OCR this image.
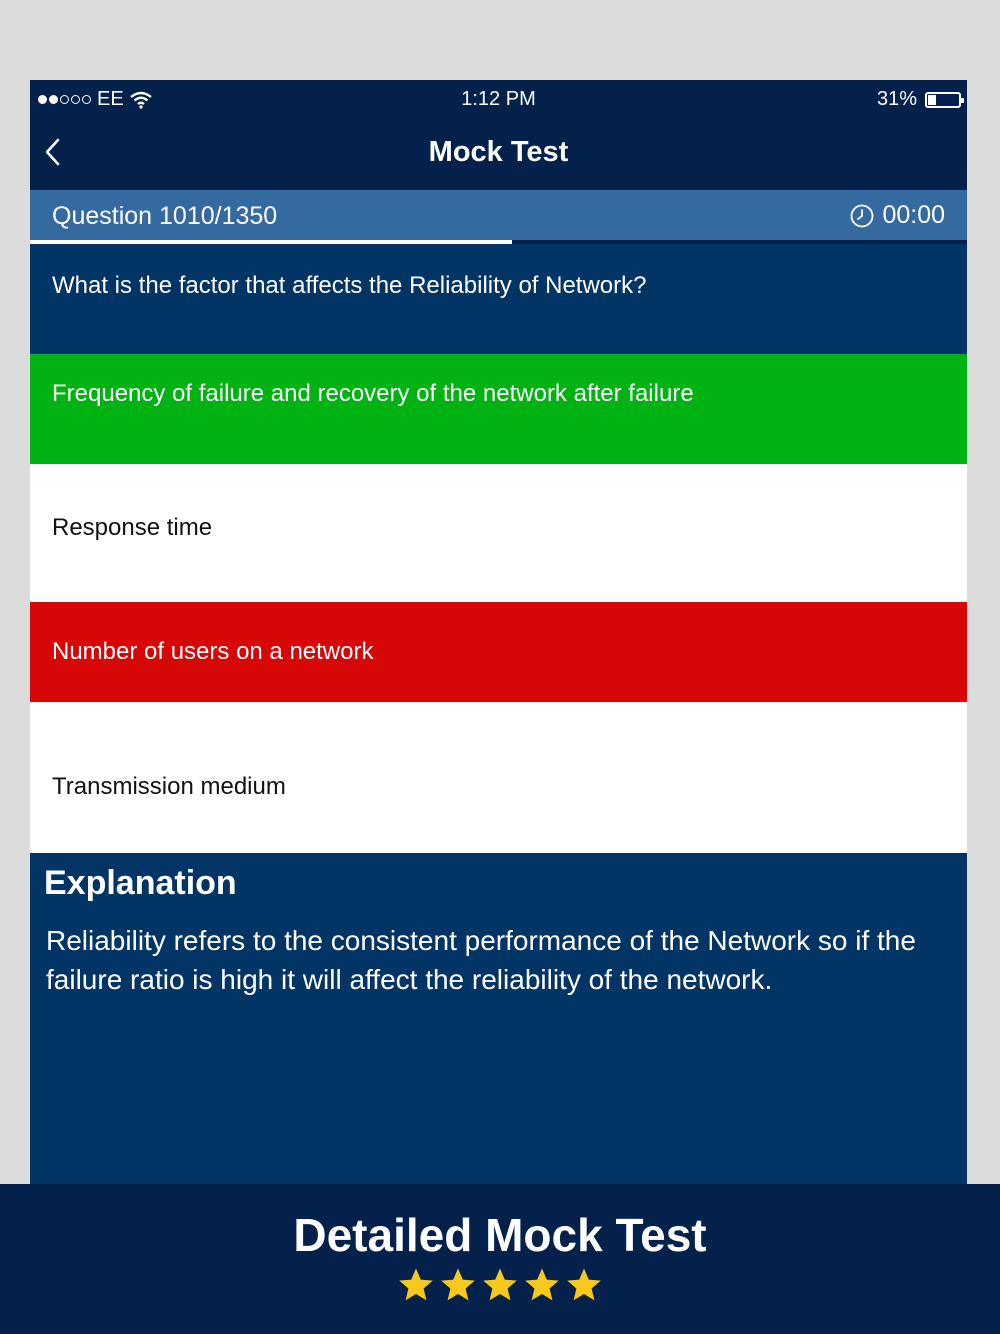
EE	1:12 PM	31%
Mock Test
Question 1010/1350	00:00
What is the factor that affects the Reliability of Network?
Frequency of failure and recovery of the network after failure
Response time
Number of users on a network
Transmission medium
Explanation
Reliability refers to the consistent performance of the Network so if the failure ratio is high it will affect the reliability of the network.
Detailed Mock Test
